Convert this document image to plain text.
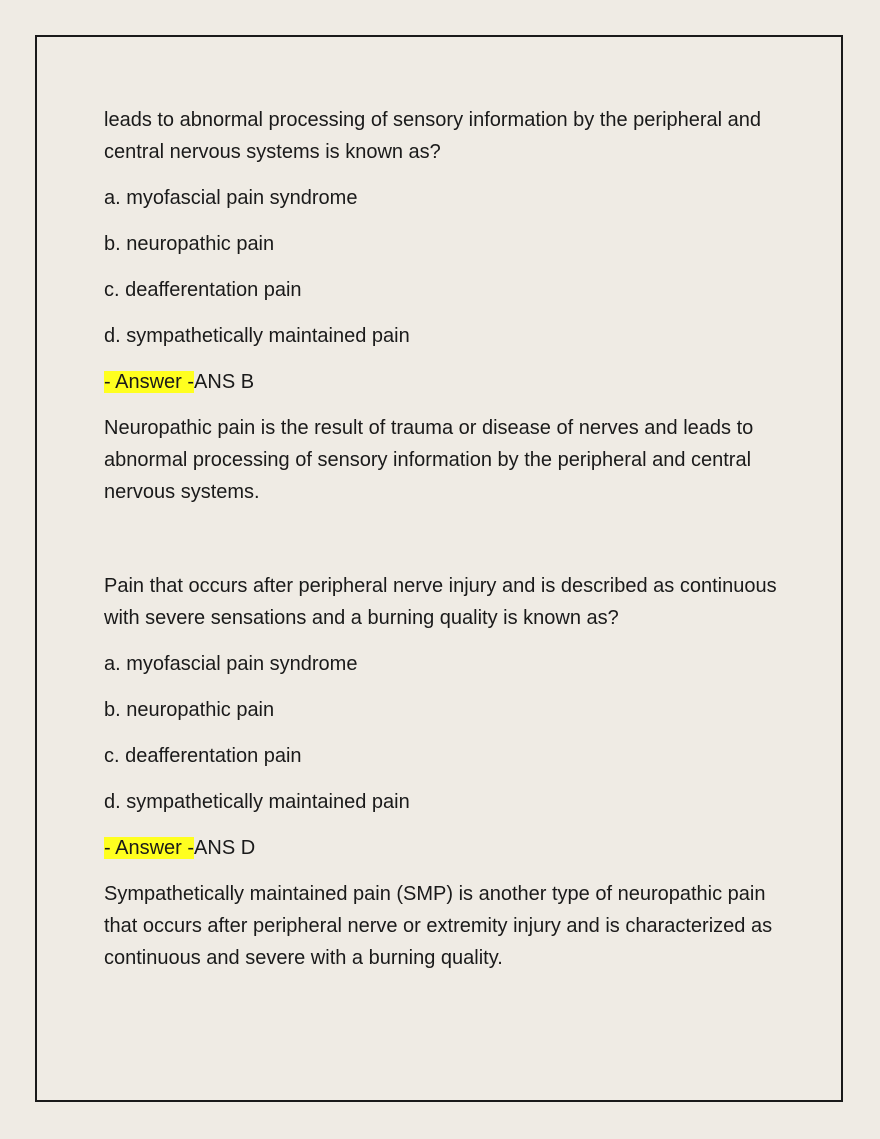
leads to abnormal processing of sensory information by the peripheral and central nervous systems is known as?

a. myofascial pain syndrome

b. neuropathic pain

c. deafferentation pain

d. sympathetically maintained pain

- Answer -ANS B

Neuropathic pain is the result of trauma or disease of nerves and leads to abnormal processing of sensory information by the peripheral and central nervous systems.

Pain that occurs after peripheral nerve injury and is described as continuous with severe sensations and a burning quality is known as?

a. myofascial pain syndrome

b. neuropathic pain

c. deafferentation pain

d. sympathetically maintained pain

- Answer -ANS D

Sympathetically maintained pain (SMP) is another type of neuropathic pain that occurs after peripheral nerve or extremity injury and is characterized as continuous and severe with a burning quality.
